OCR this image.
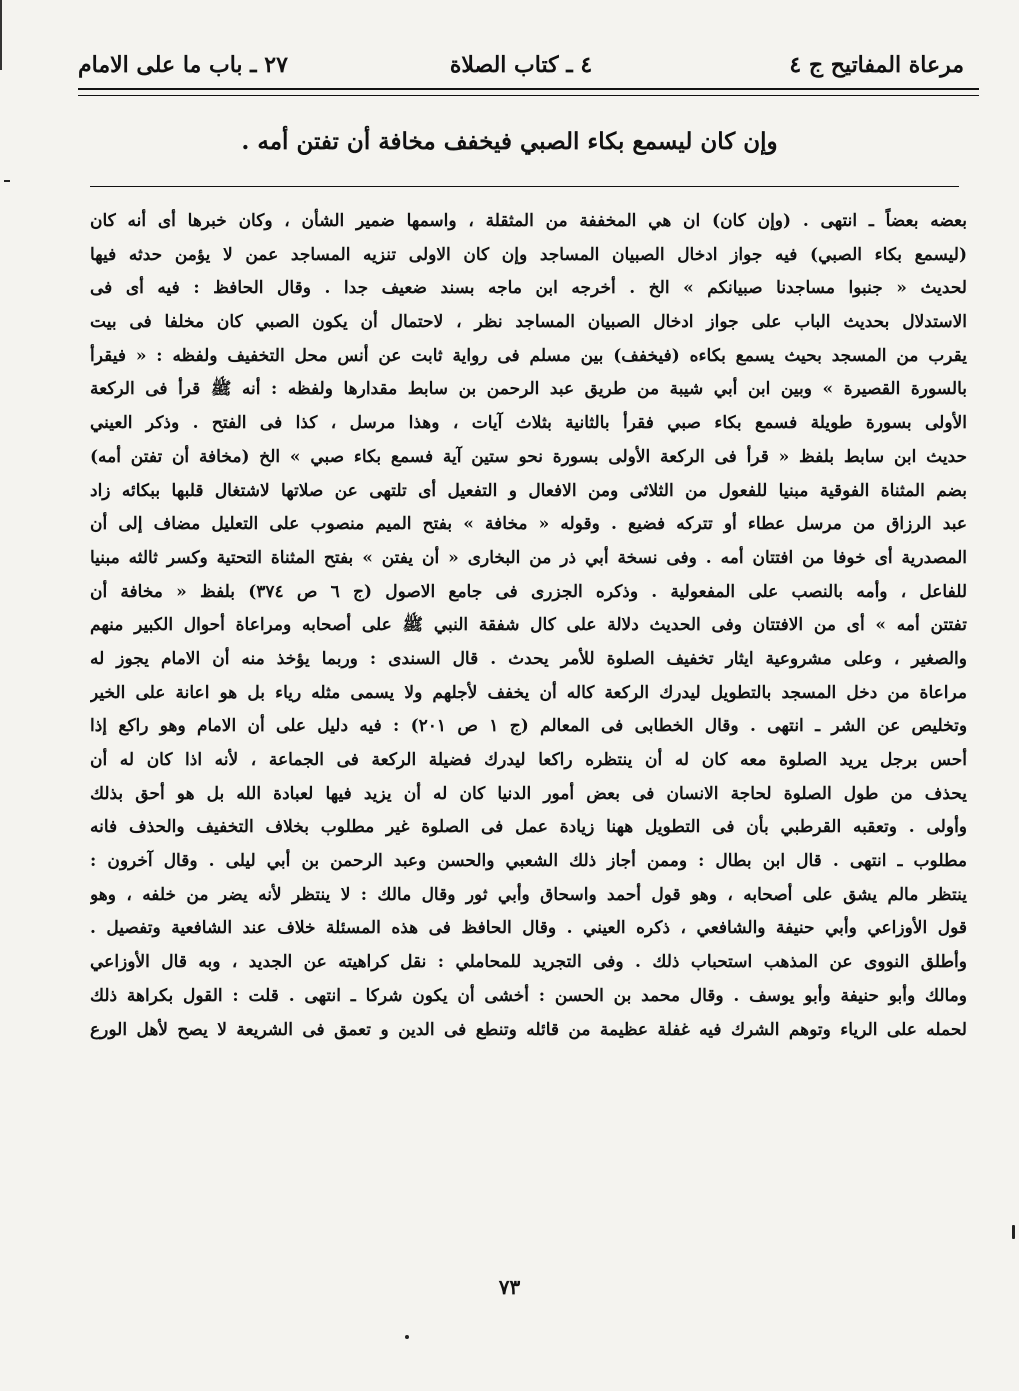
مرعاة المفاتيح ج ٤
٤ ـ كتاب الصلاة
٢٧ ـ باب ما على الامام
وإن كان ليسمع بكاء الصبي فيخفف مخافة أن تفتن أمه .
بعضه بعضاً ـ انتهى . (وإن كان) ان هي المخففة من المثقلة ، واسمها ضمير الشأن ، وكان خبرها أى أنه كان
(ليسمع بكاء الصبي) فيه جواز ادخال الصبيان المساجد وإن كان الاولى تنزيه المساجد عمن لا يؤمن حدثه فيها
لحديث « جنبوا مساجدنا صبيانكم » الخ . أخرجه ابن ماجه بسند ضعيف جدا . وقال الحافظ : فيه أى فى
الاستدلال بحديث الباب على جواز ادخال الصبيان المساجد نظر ، لاحتمال أن يكون الصبي كان مخلفا فى بيت
يقرب من المسجد بحيث يسمع بكاءه (فيخفف) بين مسلم فى رواية ثابت عن أنس محل التخفيف ولفظه : « فيقرأ
بالسورة القصيرة » وبين ابن أبي شيبة من طريق عبد الرحمن بن سابط مقدارها ولفظه : أنه ﷺ قرأ فى الركعة
الأولى بسورة طويلة فسمع بكاء صبي فقرأ بالثانية بثلاث آيات ، وهذا مرسل ، كذا فى الفتح . وذكر العيني
حديث ابن سابط بلفظ « قرأ فى الركعة الأولى بسورة نحو ستين آية فسمع بكاء صبي » الخ (مخافة أن تفتن أمه)
بضم المثناة الفوقية مبنيا للفعول من الثلاثى ومن الافعال و التفعيل أى تلتهى عن صلاتها لاشتغال قلبها ببكائه زاد
عبد الرزاق من مرسل عطاء أو تتركه فضيع . وقوله « مخافة » بفتح الميم منصوب على التعليل مضاف إلى أن
المصدرية أى خوفا من افتتان أمه . وفى نسخة أبي ذر من البخارى « أن يفتن » بفتح المثناة التحتية وكسر ثالثه مبنيا
للفاعل ، وأمه بالنصب على المفعولية . وذكره الجزرى فى جامع الاصول (ج ٦ ص ٣٧٤) بلفظ « مخافة أن
تفتتن أمه » أى من الافتتان وفى الحديث دلالة على كال شفقة النبي ﷺ على أصحابه ومراعاة أحوال الكبير منهم
والصغير ، وعلى مشروعية ايثار تخفيف الصلوة للأمر يحدث . قال السندى : وربما يؤخذ منه أن الامام يجوز له
مراعاة من دخل المسجد بالتطويل ليدرك الركعة كاله أن يخفف لأجلهم ولا يسمى مثله رياء بل هو اعانة على الخير
وتخليص عن الشر ـ انتهى . وقال الخطابى فى المعالم (ج ١ ص ٢٠١) : فيه دليل على أن الامام وهو راكع إذا
أحس برجل يريد الصلوة معه كان له أن ينتظره راكعا ليدرك فضيلة الركعة فى الجماعة ، لأنه اذا كان له أن
يحذف من طول الصلوة لحاجة الانسان فى بعض أمور الدنيا كان له أن يزيد فيها لعبادة الله بل هو أحق بذلك
وأولى . وتعقبه القرطبي بأن فى التطويل ههنا زيادة عمل فى الصلوة غير مطلوب بخلاف التخفيف والحذف فانه
مطلوب ـ انتهى . قال ابن بطال : وممن أجاز ذلك الشعبي والحسن وعبد الرحمن بن أبي ليلى . وقال آخرون :
ينتظر مالم يشق على أصحابه ، وهو قول أحمد واسحاق وأبي ثور وقال مالك : لا ينتظر لأنه يضر من خلفه ، وهو
قول الأوزاعي وأبي حنيفة والشافعي ، ذكره العيني . وقال الحافظ فى هذه المسئلة خلاف عند الشافعية وتفصيل .
وأطلق النووى عن المذهب استحباب ذلك . وفى التجريد للمحاملي : نقل كراهيته عن الجديد ، وبه قال الأوزاعي
ومالك وأبو حنيفة وأبو يوسف . وقال محمد بن الحسن : أخشى أن يكون شركا ـ انتهى . قلت : القول بكراهة ذلك
لحمله على الرياء وتوهم الشرك فيه غفلة عظيمة من قائله وتنطع فى الدين و تعمق فى الشريعة لا يصح لأهل الورع
٧٣
